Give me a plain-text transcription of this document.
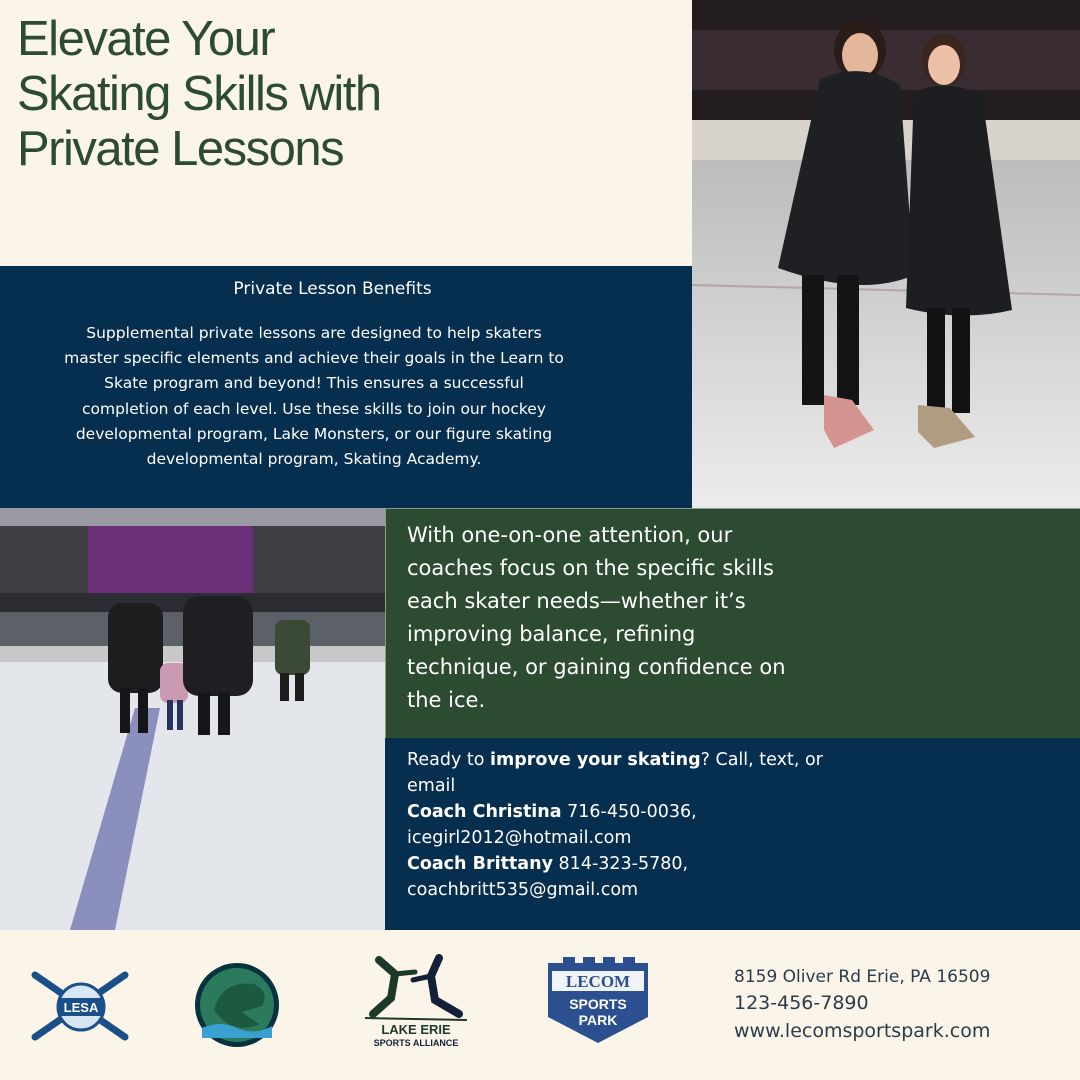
Elevate Your Skating Skills with Private Lessons
Private Lesson Benefits

Supplemental private lessons are designed to help skaters master specific elements and achieve their goals in the Learn to Skate program and beyond! This ensures a successful completion of each level. Use these skills to join our hockey developmental program, Lake Monsters, or our figure skating developmental program, Skating Academy.

With one-on-one attention, our coaches focus on the specific skills each skater needs—whether it’s improving balance, refining technique, or gaining confidence on the ice.

Ready to improve your skating? Call, text, or email
Coach Christina 716-450-0036, icegirl2012@hotmail.com
Coach Brittany 814-323-5780, coachbritt535@gmail.com

LESA
LAKE ERIE
SPORTS ALLIANCE
LECOM
SPORTS
PARK
8159 Oliver Rd Erie, PA 16509
123-456-7890
www.lecomsportspark.com
